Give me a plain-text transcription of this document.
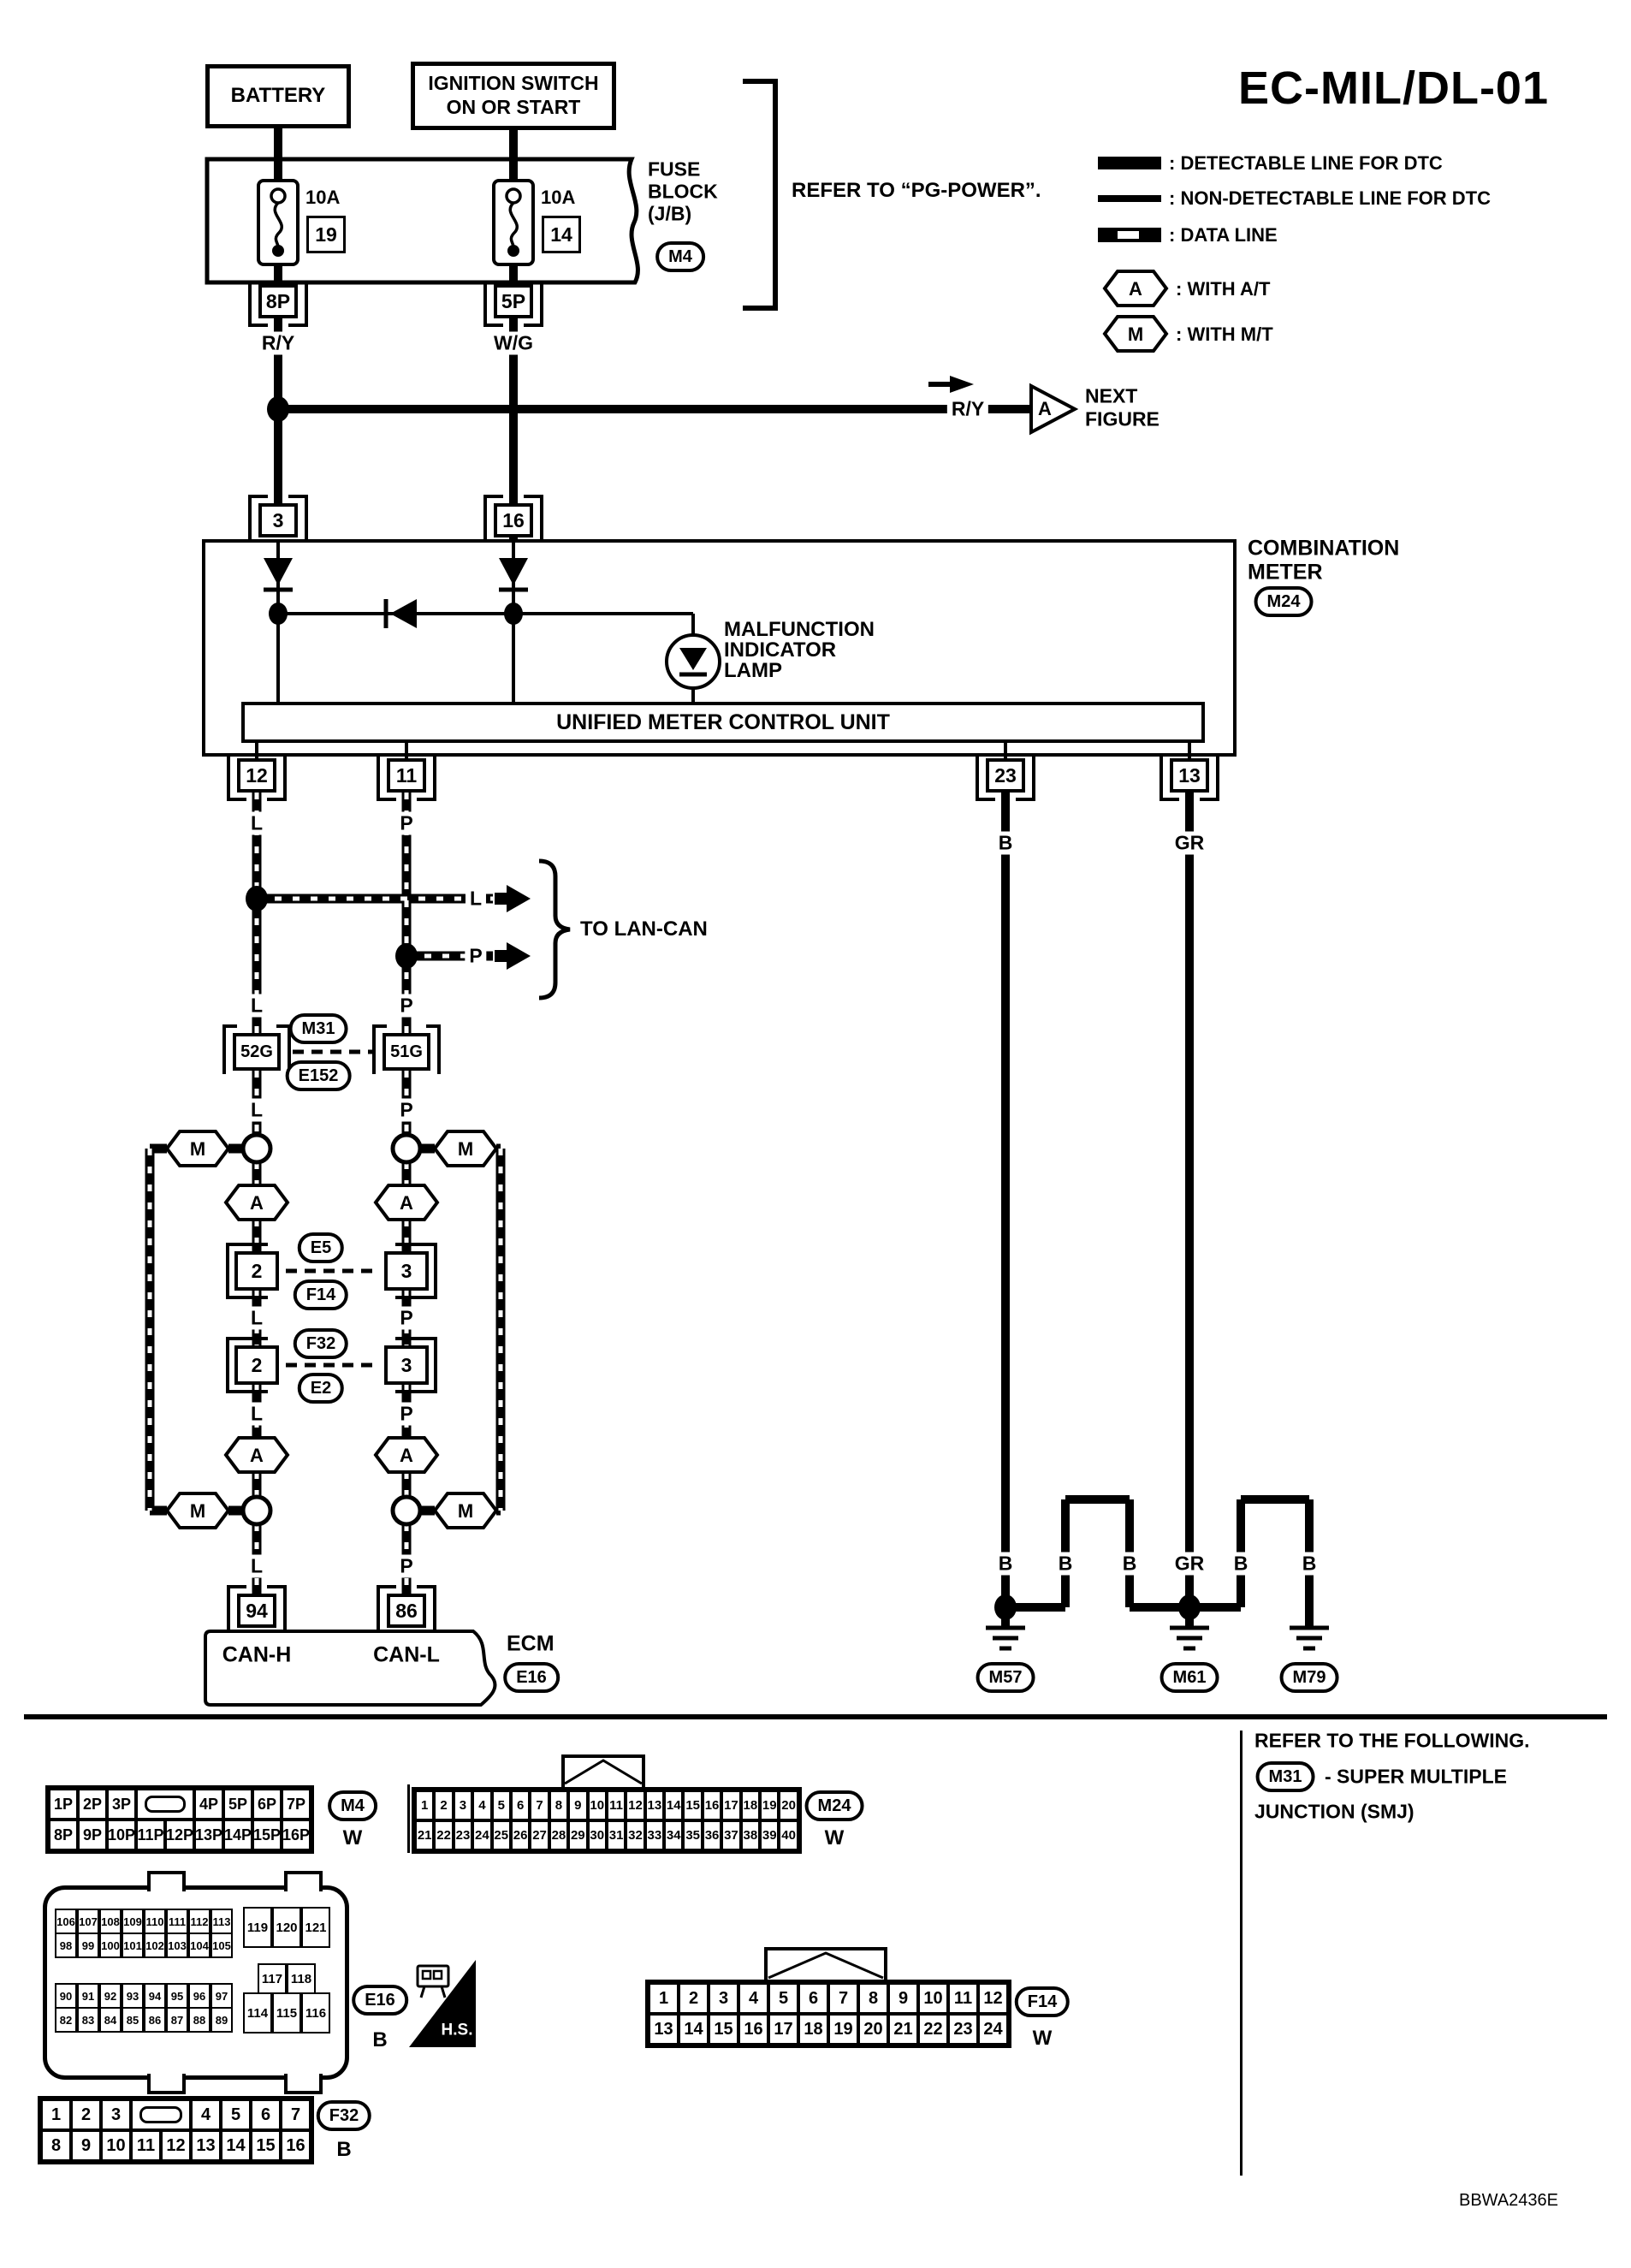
EC-MIL/DL-01
: DETECTABLE LINE FOR DTC
: NON-DETECTABLE LINE FOR DTC
: DATA LINE
A : WITH A/T
M : WITH M/T
BATTERY
IGNITION SWITCH
ON OR START
FUSE
BLOCK
(J/B)
M4
REFER TO “PG-POWER”.
10A	10A
19	14
8P	5P
R/Y	W/G
R/Y	A
NEXT
FIGURE
3	16
COMBINATION
METER
M24
MALFUNCTION
INDICATOR
LAMP
UNIFIED METER CONTROL UNIT
12	11	23	13
L	P
L
P
TO LAN-CAN
L	P
52G	51G
M31
E152
L	P
M	M
A	A
2	3
E5
F14
L	P
F32
2	3
E2
L	P
A	A
M	M
L	P
94	86
CAN-H	CAN-L	ECM
E16
B	GR
B B	B GR B	B
M57	M61	M79
REFER TO THE FOLLOWING.
M31	- SUPER MULTIPLE
JUNCTION (SMJ)
1P 2P 3P	4P 5P 6P 7P
8P 9P 10P 11P 12P 13P 14P 15P 16P
M4
W
1 2 3 4 5 6 7 8 9 10 11 12 13 14 15 16 17 18 19 20
21 22 23 24 25 26 27 28 29 30 31 32 33 34 35 36 37 38 39 40
M24
W
106 107 108 109 110 111 112 113
98 99 100 101 102 103 104 105
90 91 92 93 94 95 96 97
82 83 84 85 86 87 88 89
119 120 121
117 118
114 115 116
E16
B	H.S.
1	2	3	4	5	6	7	8	9 10 11 12
13 14 15 16 17 18 19 20 21 22 23 24
F14
W
1	2	3	4	5	6	7
8	9 10 11 12 13 14 15 16
F32
B
BBWA2436E
